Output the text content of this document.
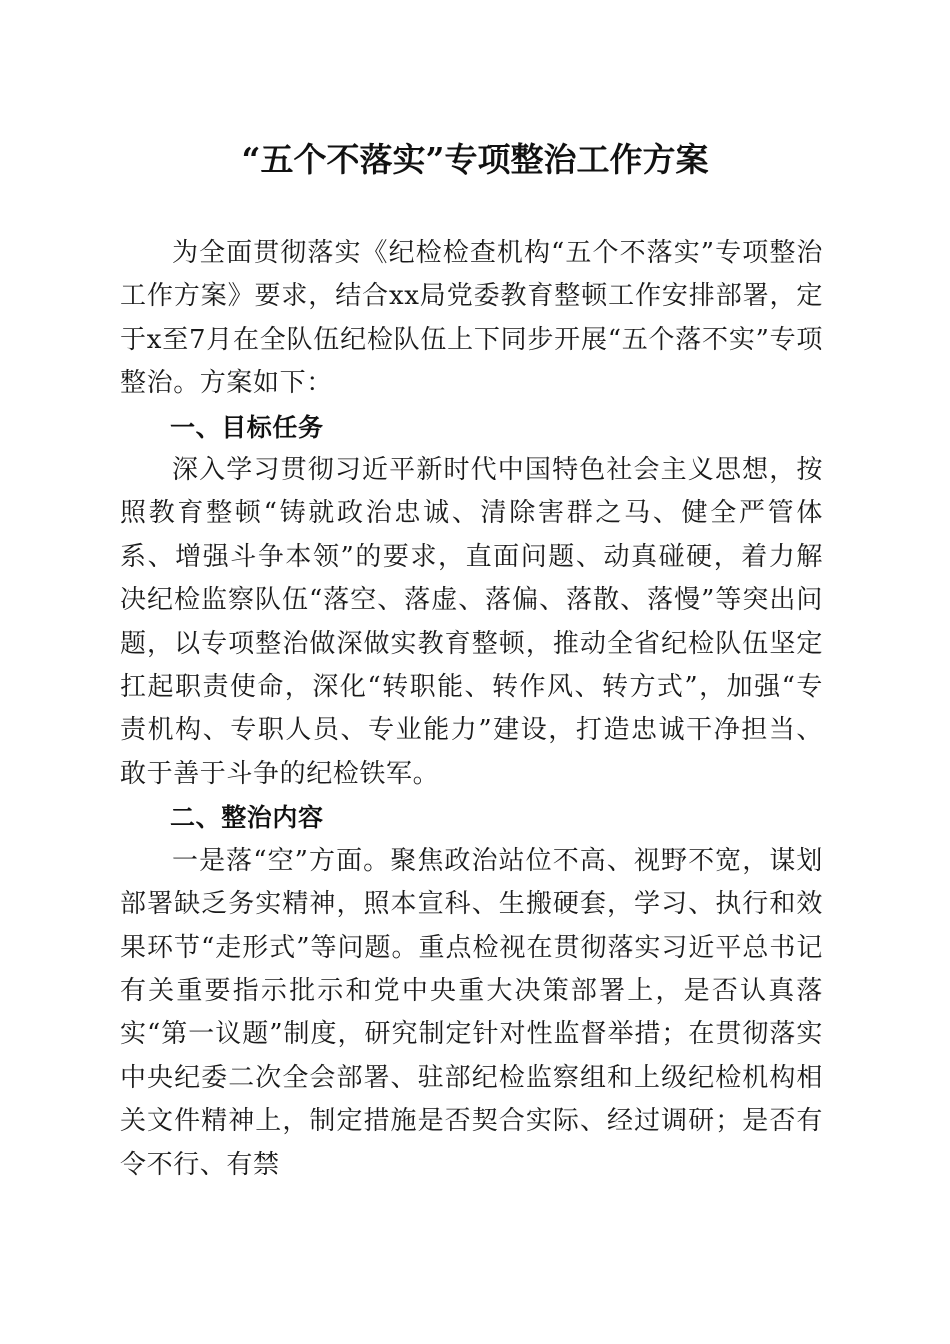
“五个不落实”专项整治工作方案

为全面贯彻落实《纪检检查机构“五个不落实”专项整治工作方案》要求，结合xx局党委教育整顿工作安排部署，定于x至7月在全队伍纪检队伍上下同步开展“五个落不实”专项整治。方案如下：

一、目标任务

深入学习贯彻习近平新时代中国特色社会主义思想，按照教育整顿“铸就政治忠诚、清除害群之马、健全严管体系、增强斗争本领”的要求，直面问题、动真碰硬，着力解决纪检监察队伍“落空、落虚、落偏、落散、落慢”等突出问题，以专项整治做深做实教育整顿，推动全省纪检队伍坚定扛起职责使命，深化“转职能、转作风、转方式”，加强“专责机构、专职人员、专业能力”建设，打造忠诚干净担当、敢于善于斗争的纪检铁军。

二、整治内容

一是落“空”方面。聚焦政治站位不高、视野不宽，谋划部署缺乏务实精神，照本宣科、生搬硬套，学习、执行和效果环节“走形式”等问题。重点检视在贯彻落实习近平总书记有关重要指示批示和党中央重大决策部署上，是否认真落实“第一议题”制度，研究制定针对性监督举措；在贯彻落实中央纪委二次全会部署、驻部纪检监察组和上级纪检机构相关文件精神上，制定措施是否契合实际、经过调研；是否有令不行、有禁
